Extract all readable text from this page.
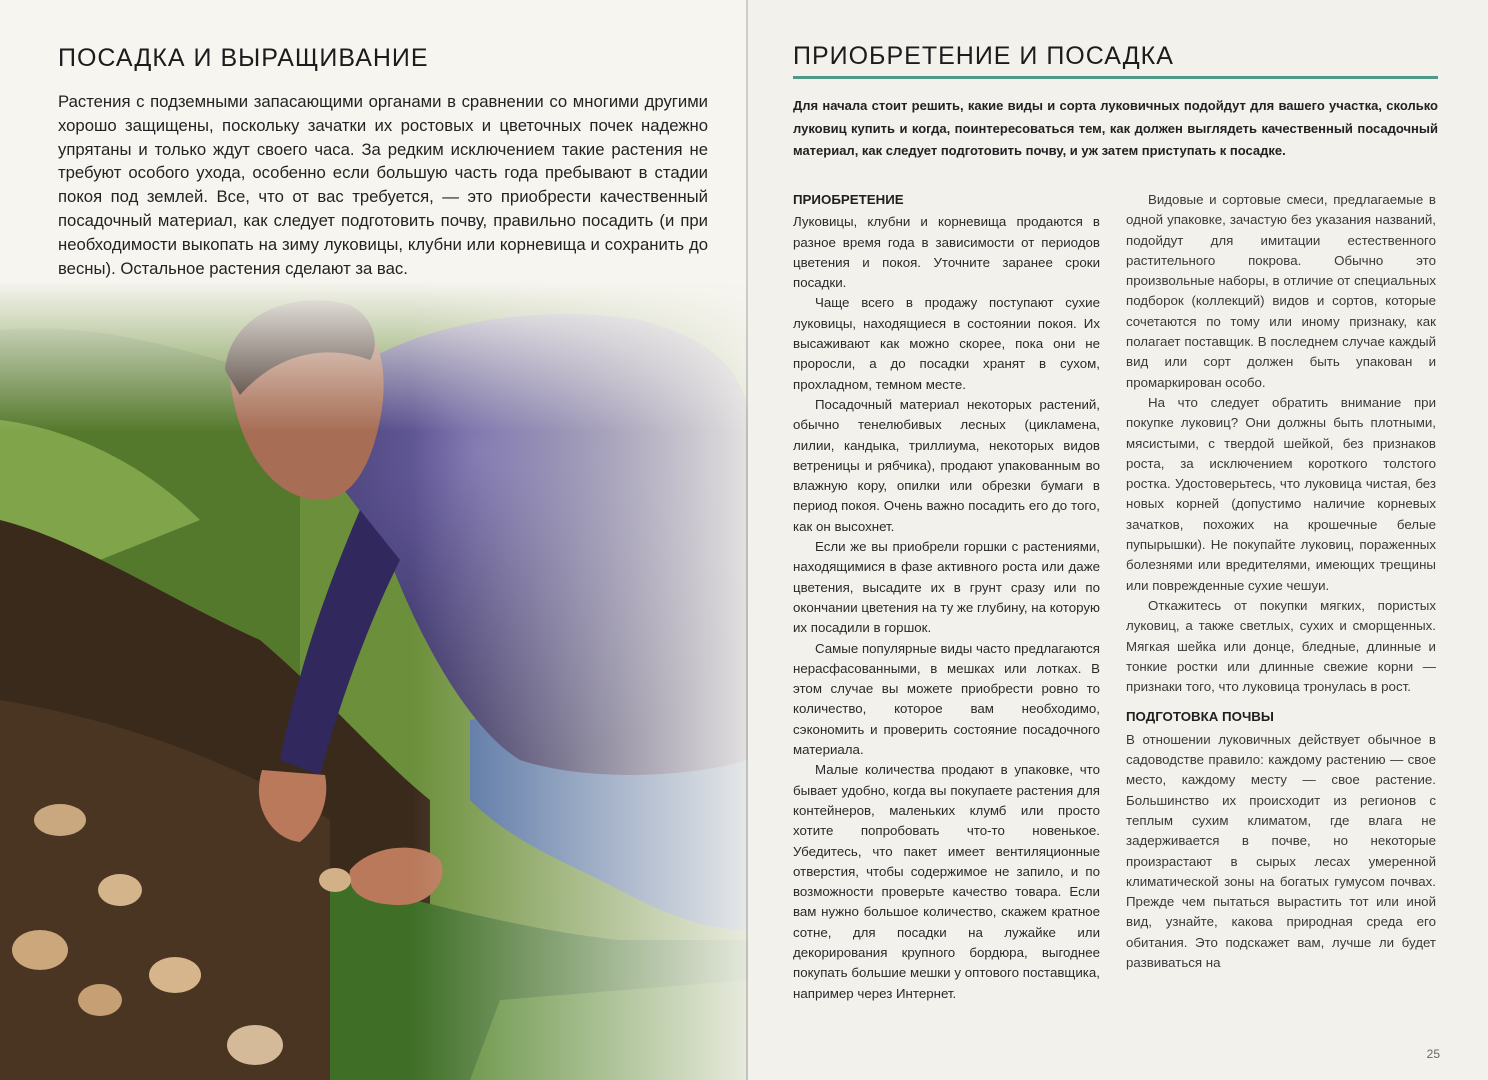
ПОСАДКА И ВЫРАЩИВАНИЕ

Растения с подземными запасающими органами в сравнении со многими другими хорошо защищены, поскольку зачатки их ростовых и цветочных почек надежно упрятаны и только ждут своего часа. За редким исключением такие растения не требуют особого ухода, особенно если большую часть года пребывают в стадии покоя под землей. Все, что от вас требуется, — это приобрести качественный посадочный материал, как следует подготовить почву, правильно посадить (и при необходимости выкопать на зиму луковицы, клубни или корневища и сохранить до весны). Остальное растения сделают за вас.

ПРИОБРЕТЕНИЕ И ПОСАДКА

Для начала стоит решить, какие виды и сорта луковичных подойдут для вашего участка, сколько луковиц купить и когда, поинтересоваться тем, как должен выглядеть качественный посадочный материал, как следует подготовить почву, и уж затем приступать к посадке.

ПРИОБРЕТЕНИЕ

Луковицы, клубни и корневища продаются в разное время года в зависимости от периодов цветения и покоя. Уточните заранее сроки посадки.

Чаще всего в продажу поступают сухие луковицы, находящиеся в состоянии покоя. Их высаживают как можно скорее, пока они не проросли, а до посадки хранят в сухом, прохладном, темном месте.

Посадочный материал некоторых растений, обычно тенелюбивых лесных (цикламена, лилии, кандыка, триллиума, некоторых видов ветреницы и рябчика), продают упакованным во влажную кору, опилки или обрезки бумаги в период покоя. Очень важно посадить его до того, как он высохнет.

Если же вы приобрели горшки с растениями, находящимися в фазе активного роста или даже цветения, высадите их в грунт сразу или по окончании цветения на ту же глубину, на которую их посадили в горшок.

Самые популярные виды часто предлагаются нерасфасованными, в мешках или лотках. В этом случае вы можете приобрести ровно то количество, которое вам необходимо, сэкономить и проверить состояние посадочного материала.

Малые количества продают в упаковке, что бывает удобно, когда вы покупаете растения для контейнеров, маленьких клумб или просто хотите попробовать что-то новенькое. Убедитесь, что пакет имеет вентиляционные отверстия, чтобы содержимое не запило, и по возможности проверьте качество товара. Если вам нужно большое количество, скажем кратное сотне, для посадки на лужайке или декорирования крупного бордюра, выгоднее покупать большие мешки у оптового поставщика, например через Интернет.

Видовые и сортовые смеси, предлагаемые в одной упаковке, зачастую без указания названий, подойдут для имитации естественного растительного покрова. Обычно это произвольные наборы, в отличие от специальных подборок (коллекций) видов и сортов, которые сочетаются по тому или иному признаку, как полагает поставщик. В последнем случае каждый вид или сорт должен быть упакован и промаркирован особо.

На что следует обратить внимание при покупке луковиц? Они должны быть плотными, мясистыми, с твердой шейкой, без признаков роста, за исключением короткого толстого ростка. Удостоверьтесь, что луковица чистая, без новых корней (допустимо наличие корневых зачатков, похожих на крошечные белые пупырышки). Не покупайте луковиц, пораженных болезнями или вредителями, имеющих трещины или поврежденные сухие чешуи.

Откажитесь от покупки мягких, пористых луковиц, а также светлых, сухих и сморщенных. Мягкая шейка или донце, бледные, длинные и тонкие ростки или длинные свежие корни — признаки того, что луковица тронулась в рост.

ПОДГОТОВКА ПОЧВЫ

В отношении луковичных действует обычное в садоводстве правило: каждому растению — свое место, каждому месту — свое растение. Большинство их происходит из регионов с теплым сухим климатом, где влага не задерживается в почве, но некоторые произрастают в сырых лесах умеренной климатической зоны на богатых гумусом почвах. Прежде чем пытаться вырастить тот или иной вид, узнайте, какова природная среда его обитания. Это подскажет вам, лучше ли будет развиваться на

25
